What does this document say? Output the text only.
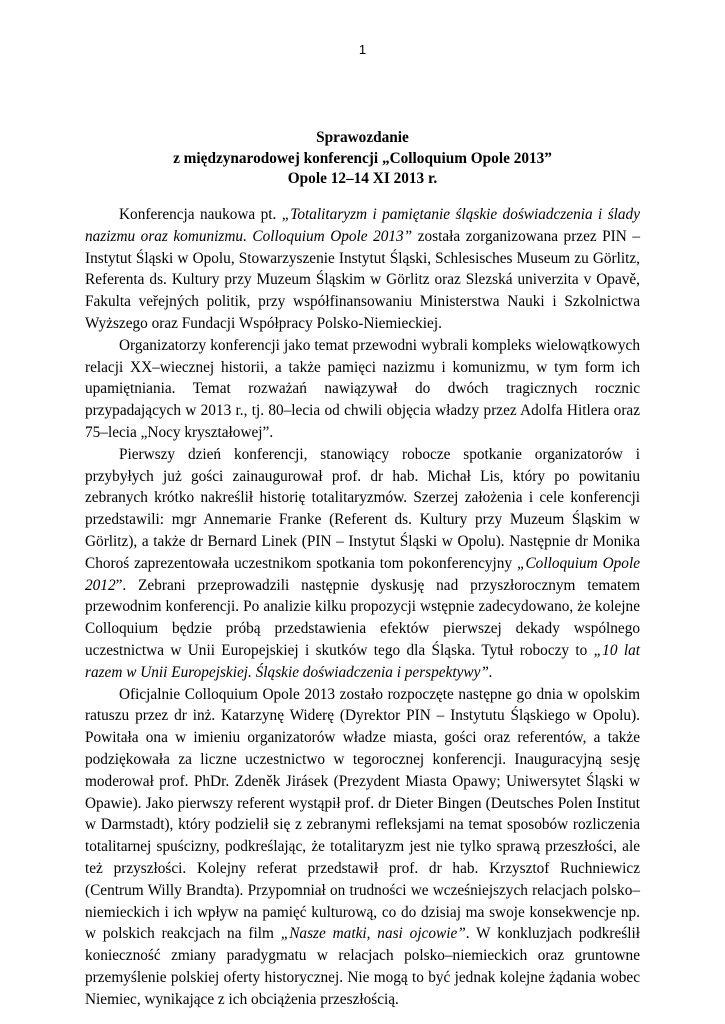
1
Sprawozdanie
z międzynarodowej konferencji „Colloquium Opole 2013”
Opole 12–14 XI 2013 r.

Konferencja naukowa pt. „Totalitaryzm i pamiętanie śląskie doświadczenia i ślady nazizmu oraz komunizmu. Colloquium Opole 2013” została zorganizowana przez PIN – Instytut Śląski w Opolu, Stowarzyszenie Instytut Śląski, Schlesisches Museum zu Görlitz, Referenta ds. Kultury przy Muzeum Śląskim w Görlitz oraz Slezská univerzita v Opavě, Fakulta veřejných politik, przy współfinansowaniu Ministerstwa Nauki i Szkolnictwa Wyższego oraz Fundacji Współpracy Polsko-Niemieckiej.

Organizatorzy konferencji jako temat przewodni wybrali kompleks wielowątkowych relacji XX–wiecznej historii, a także pamięci nazizmu i komunizmu, w tym form ich upamiętniania. Temat rozważań nawiązywał do dwóch tragicznych rocznic przypadających w 2013 r., tj. 80–lecia od chwili objęcia władzy przez Adolfa Hitlera oraz 75–lecia „Nocy kryształowej”.

Pierwszy dzień konferencji, stanowiący robocze spotkanie organizatorów i przybyłych już gości zainaugurował prof. dr hab. Michał Lis, który po powitaniu zebranych krótko nakreślił historię totalitaryzmów. Szerzej założenia i cele konferencji przedstawili: mgr Annemarie Franke (Referent ds. Kultury przy Muzeum Śląskim w Görlitz), a także dr Bernard Linek (PIN – Instytut Śląski w Opolu). Następnie dr Monika Choroś zaprezentowała uczestnikom spotkania tom pokonferencyjny „Colloquium Opole 2012”. Zebrani przeprowadzili następnie dyskusję nad przyszłorocznym tematem przewodnim konferencji. Po analizie kilku propozycji wstępnie zadecydowano, że kolejne Colloquium będzie próbą przedstawienia efektów pierwszej dekady wspólnego uczestnictwa w Unii Europejskiej i skutków tego dla Śląska. Tytuł roboczy to „10 lat razem w Unii Europejskiej. Śląskie doświadczenia i perspektywy”.

Oficjalnie Colloquium Opole 2013 zostało rozpoczęte następne go dnia w opolskim ratuszu przez dr inż. Katarzynę Widerę (Dyrektor PIN – Instytutu Śląskiego w Opolu). Powitała ona w imieniu organizatorów władze miasta, gości oraz referentów, a także podziękowała za liczne uczestnictwo w tegorocznej konferencji. Inauguracyjną sesję moderował prof. PhDr. Zdeněk Jirásek (Prezydent Miasta Opawy; Uniwersytet Śląski w Opawie). Jako pierwszy referent wystąpił prof. dr Dieter Bingen (Deutsches Polen Institut w Darmstadt), który podzielił się z zebranymi refleksjami na temat sposobów rozliczenia totalitarnej spuścizny, podkreślając, że totalitaryzm jest nie tylko sprawą przeszłości, ale też przyszłości. Kolejny referat przedstawił prof. dr hab. Krzysztof Ruchniewicz (Centrum Willy Brandta). Przypomniał on trudności we wcześniejszych relacjach polsko–niemieckich i ich wpływ na pamięć kulturową, co do dzisiaj ma swoje konsekwencje np. w polskich reakcjach na film „Nasze matki, nasi ojcowie”. W konkluzjach podkreślił konieczność zmiany paradygmatu w relacjach polsko–niemieckich oraz gruntowne przemyślenie polskiej oferty historycznej. Nie mogą to być jednak kolejne żądania wobec Niemiec, wynikające z ich obciążenia przeszłością.
